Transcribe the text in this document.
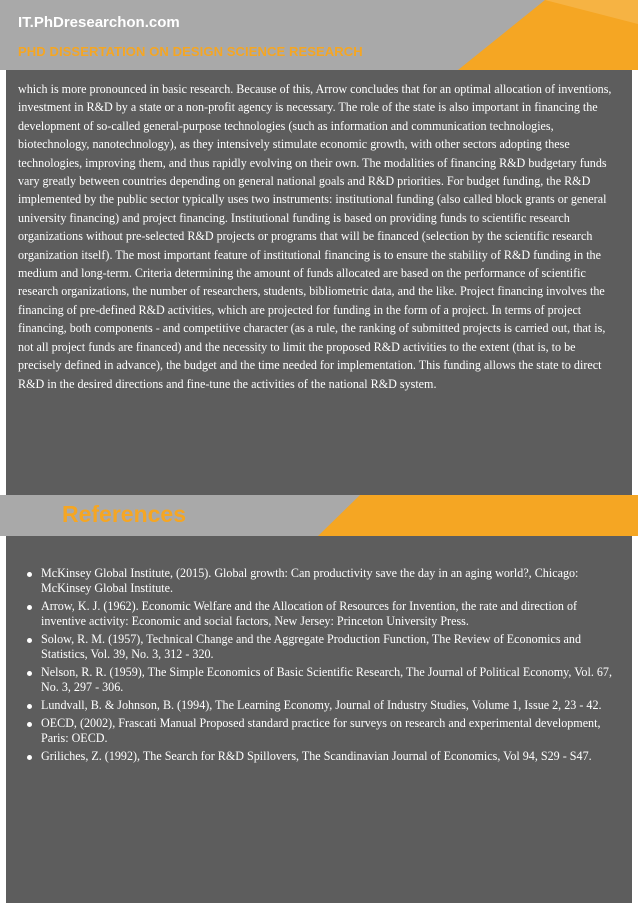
IT.PhDresearchon.com
PHD DISSERTATION ON DESIGN SCIENCE RESEARCH

which is more pronounced in basic research. Because of this, Arrow concludes that for an optimal allocation of inventions, investment in R&D by a state or a non-profit agency is necessary. The role of the state is also important in financing the development of so-called general-purpose technologies (such as information and communication technologies, biotechnology, nanotechnology), as they intensively stimulate economic growth, with other sectors adopting these technologies, improving them, and thus rapidly evolving on their own. The modalities of financing R&D budgetary funds vary greatly between countries depending on general national goals and R&D priorities. For budget funding, the R&D implemented by the public sector typically uses two instruments: institutional funding (also called block grants or general university financing) and project financing. Institutional funding is based on providing funds to scientific research organizations without pre-selected R&D projects or programs that will be financed (selection by the scientific research organization itself). The most important feature of institutional financing is to ensure the stability of R&D funding in the medium and long-term. Criteria determining the amount of funds allocated are based on the performance of scientific research organizations, the number of researchers, students, bibliometric data, and the like. Project financing involves the financing of pre-defined R&D activities, which are projected for funding in the form of a project. In terms of project financing, both components - and competitive character (as a rule, the ranking of submitted projects is carried out, that is, not all project funds are financed) and the necessity to limit the proposed R&D activities to the extent (that is, to be precisely defined in advance), the budget and the time needed for implementation. This funding allows the state to direct R&D in the desired directions and fine-tune the activities of the national R&D system.

References
McKinsey Global Institute, (2015). Global growth: Can productivity save the day in an aging world?, Chicago: McKinsey Global Institute.
Arrow, K. J. (1962). Economic Welfare and the Allocation of Resources for Invention, the rate and direction of inventive activity: Economic and social factors, New Jersey: Princeton University Press.
Solow, R. M. (1957), Technical Change and the Aggregate Production Function, The Review of Economics and Statistics, Vol. 39, No. 3, 312 - 320.
Nelson, R. R. (1959), The Simple Economics of Basic Scientific Research, The Journal of Political Economy, Vol. 67, No. 3, 297 - 306.
Lundvall, B. & Johnson, B. (1994), The Learning Economy, Journal of Industry Studies, Volume 1, Issue 2, 23 - 42.
OECD, (2002), Frascati Manual Proposed standard practice for surveys on research and experimental development, Paris: OECD.
Griliches, Z. (1992), The Search for R&D Spillovers, The Scandinavian Journal of Economics, Vol 94, S29 - S47.
